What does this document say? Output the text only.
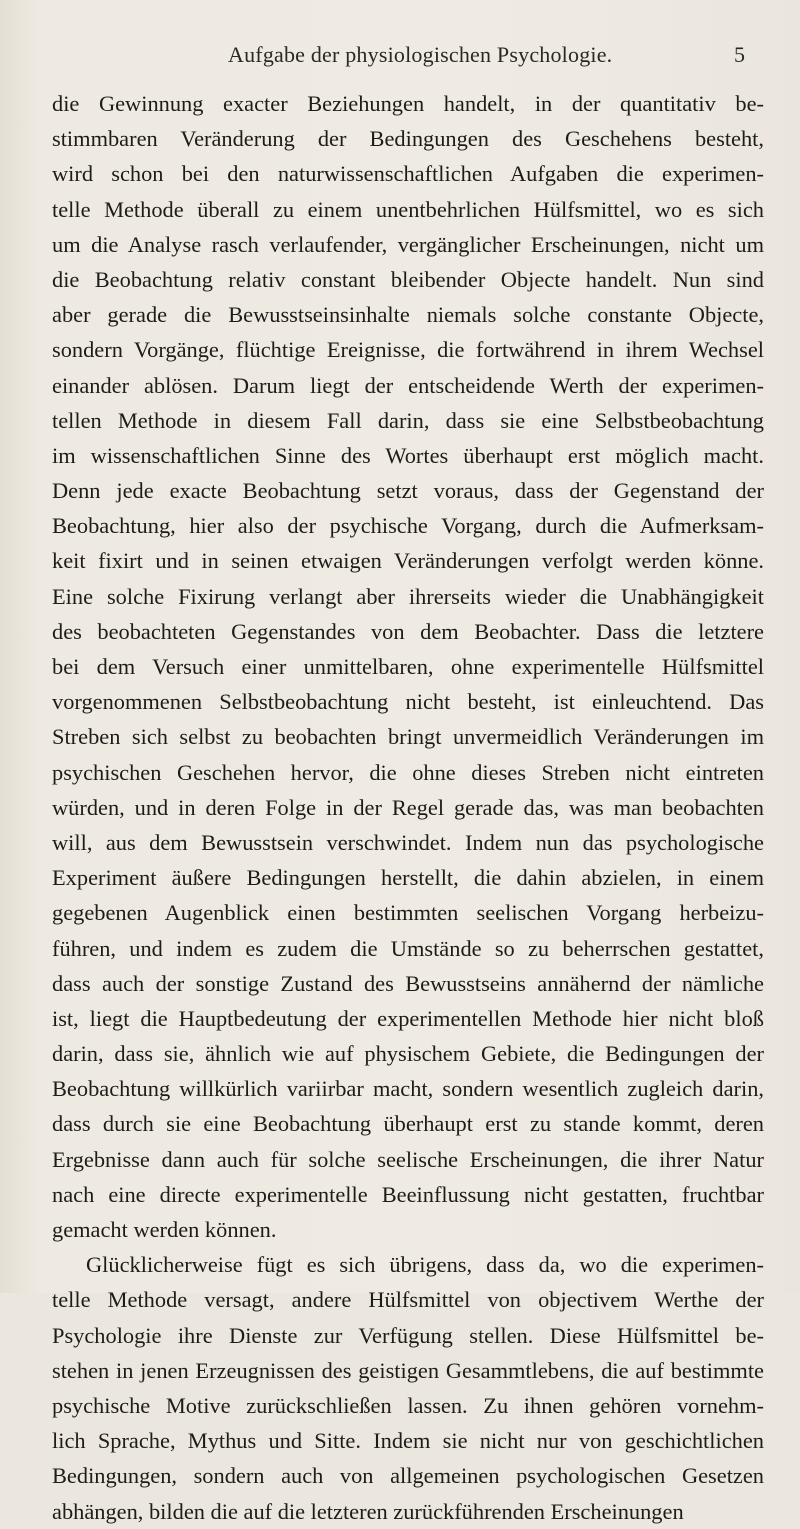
Aufgabe der physiologischen Psychologie.	5
die Gewinnung exacter Beziehungen handelt, in der quantitativ be-
stimmbaren Veränderung der Bedingungen des Geschehens besteht,
wird schon bei den naturwissenschaftlichen Aufgaben die experimen-
telle Methode überall zu einem unentbehrlichen Hülfsmittel, wo es sich
um die Analyse rasch verlaufender, vergänglicher Erscheinungen, nicht um
die Beobachtung relativ constant bleibender Objecte handelt. Nun sind
aber gerade die Bewusstseinsinhalte niemals solche constante Objecte,
sondern Vorgänge, flüchtige Ereignisse, die fortwährend in ihrem Wechsel
einander ablösen. Darum liegt der entscheidende Werth der experimen-
tellen Methode in diesem Fall darin, dass sie eine Selbstbeobachtung
im wissenschaftlichen Sinne des Wortes überhaupt erst möglich macht.
Denn jede exacte Beobachtung setzt voraus, dass der Gegenstand der
Beobachtung, hier also der psychische Vorgang, durch die Aufmerksam-
keit fixirt und in seinen etwaigen Veränderungen verfolgt werden könne.
Eine solche Fixirung verlangt aber ihrerseits wieder die Unabhängigkeit
des beobachteten Gegenstandes von dem Beobachter. Dass die letztere
bei dem Versuch einer unmittelbaren, ohne experimentelle Hülfsmittel
vorgenommenen Selbstbeobachtung nicht besteht, ist einleuchtend. Das
Streben sich selbst zu beobachten bringt unvermeidlich Veränderungen im
psychischen Geschehen hervor, die ohne dieses Streben nicht eintreten
würden, und in deren Folge in der Regel gerade das, was man beobachten
will, aus dem Bewusstsein verschwindet. Indem nun das psychologische
Experiment äußere Bedingungen herstellt, die dahin abzielen, in einem
gegebenen Augenblick einen bestimmten seelischen Vorgang herbeizu-
führen, und indem es zudem die Umstände so zu beherrschen gestattet,
dass auch der sonstige Zustand des Bewusstseins annähernd der nämliche
ist, liegt die Hauptbedeutung der experimentellen Methode hier nicht bloß
darin, dass sie, ähnlich wie auf physischem Gebiete, die Bedingungen der
Beobachtung willkürlich variirbar macht, sondern wesentlich zugleich darin,
dass durch sie eine Beobachtung überhaupt erst zu stande kommt, deren
Ergebnisse dann auch für solche seelische Erscheinungen, die ihrer Natur
nach eine directe experimentelle Beeinflussung nicht gestatten, fruchtbar
gemacht werden können.
Glücklicherweise fügt es sich übrigens, dass da, wo die experimen-
telle Methode versagt, andere Hülfsmittel von objectivem Werthe der
Psychologie ihre Dienste zur Verfügung stellen. Diese Hülfsmittel be-
stehen in jenen Erzeugnissen des geistigen Gesammtlebens, die auf bestimmte
psychische Motive zurückschließen lassen. Zu ihnen gehören vornehm-
lich Sprache, Mythus und Sitte. Indem sie nicht nur von geschichtlichen
Bedingungen, sondern auch von allgemeinen psychologischen Gesetzen
abhängen, bilden die auf die letzteren zurückführenden Erscheinungen
